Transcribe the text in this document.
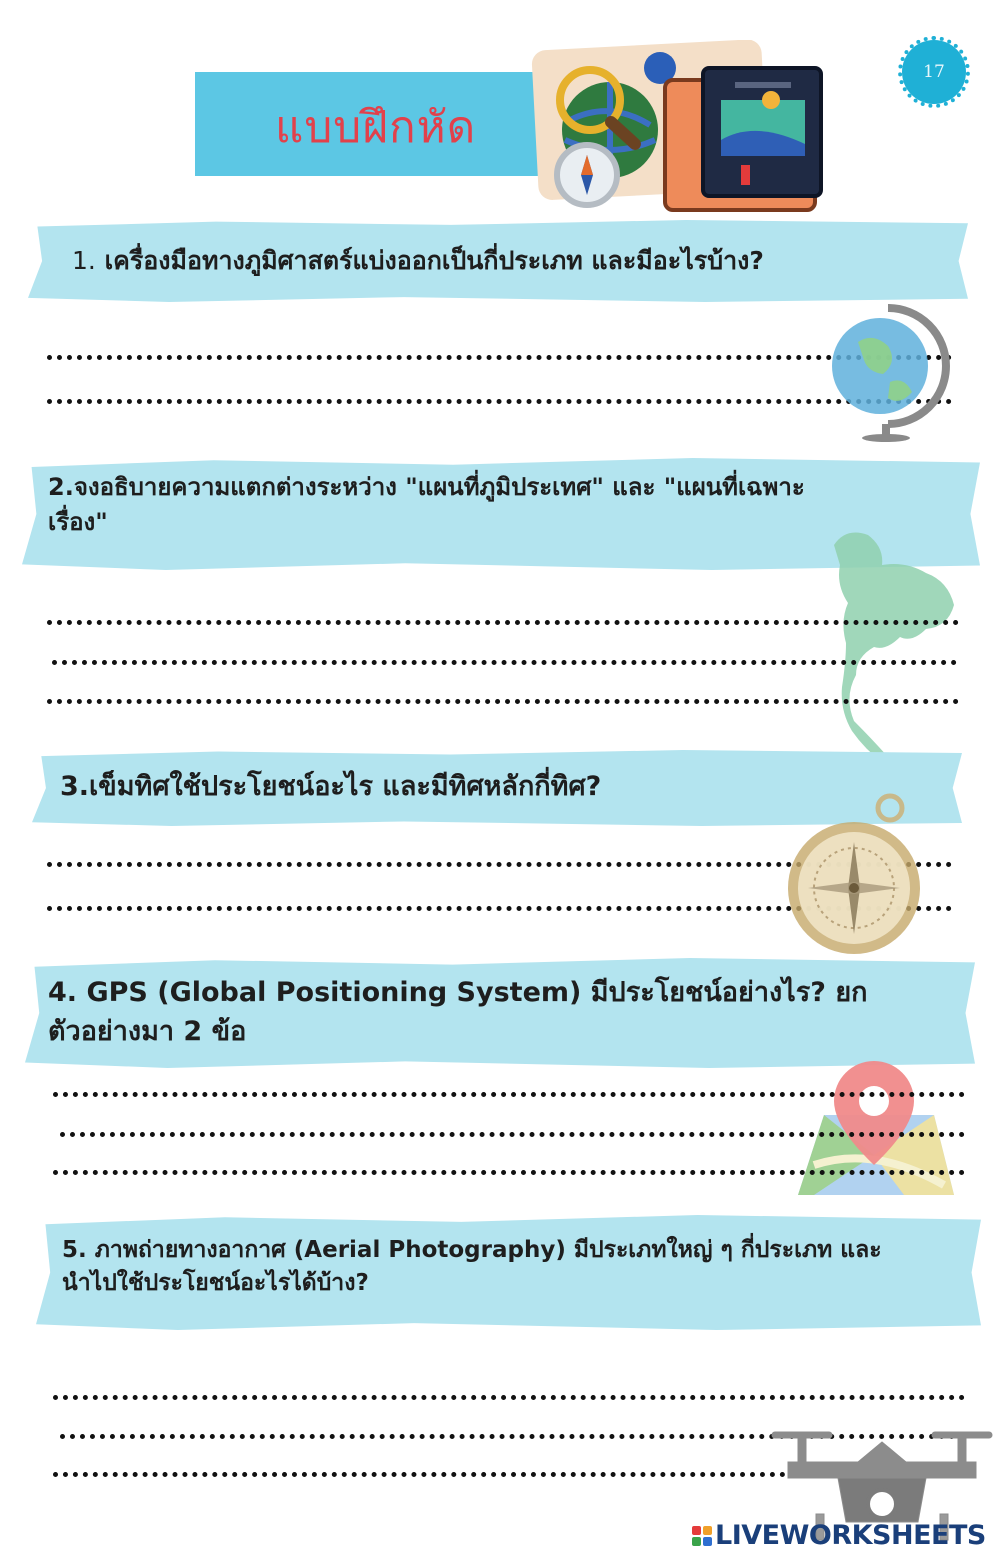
17
แบบฝึกหัด
1. เครื่องมือทางภูมิศาสตร์แบ่งออกเป็นกี่ประเภท และมีอะไรบ้าง?
2.จงอธิบายความแตกต่างระหว่าง "แผนที่ภูมิประเทศ" และ "แผนที่เฉพาะ
เรื่อง"
3.เข็มทิศใช้ประโยชน์อะไร และมีทิศหลักกี่ทิศ?
4. GPS (Global Positioning System) มีประโยชน์อย่างไร? ยก
ตัวอย่างมา 2 ข้อ
5. ภาพถ่ายทางอากาศ (Aerial Photography) มีประเภทใหญ่ ๆ กี่ประเภท และ
นำไปใช้ประโยชน์อะไรได้บ้าง?
LIVEWORKSHEETS
